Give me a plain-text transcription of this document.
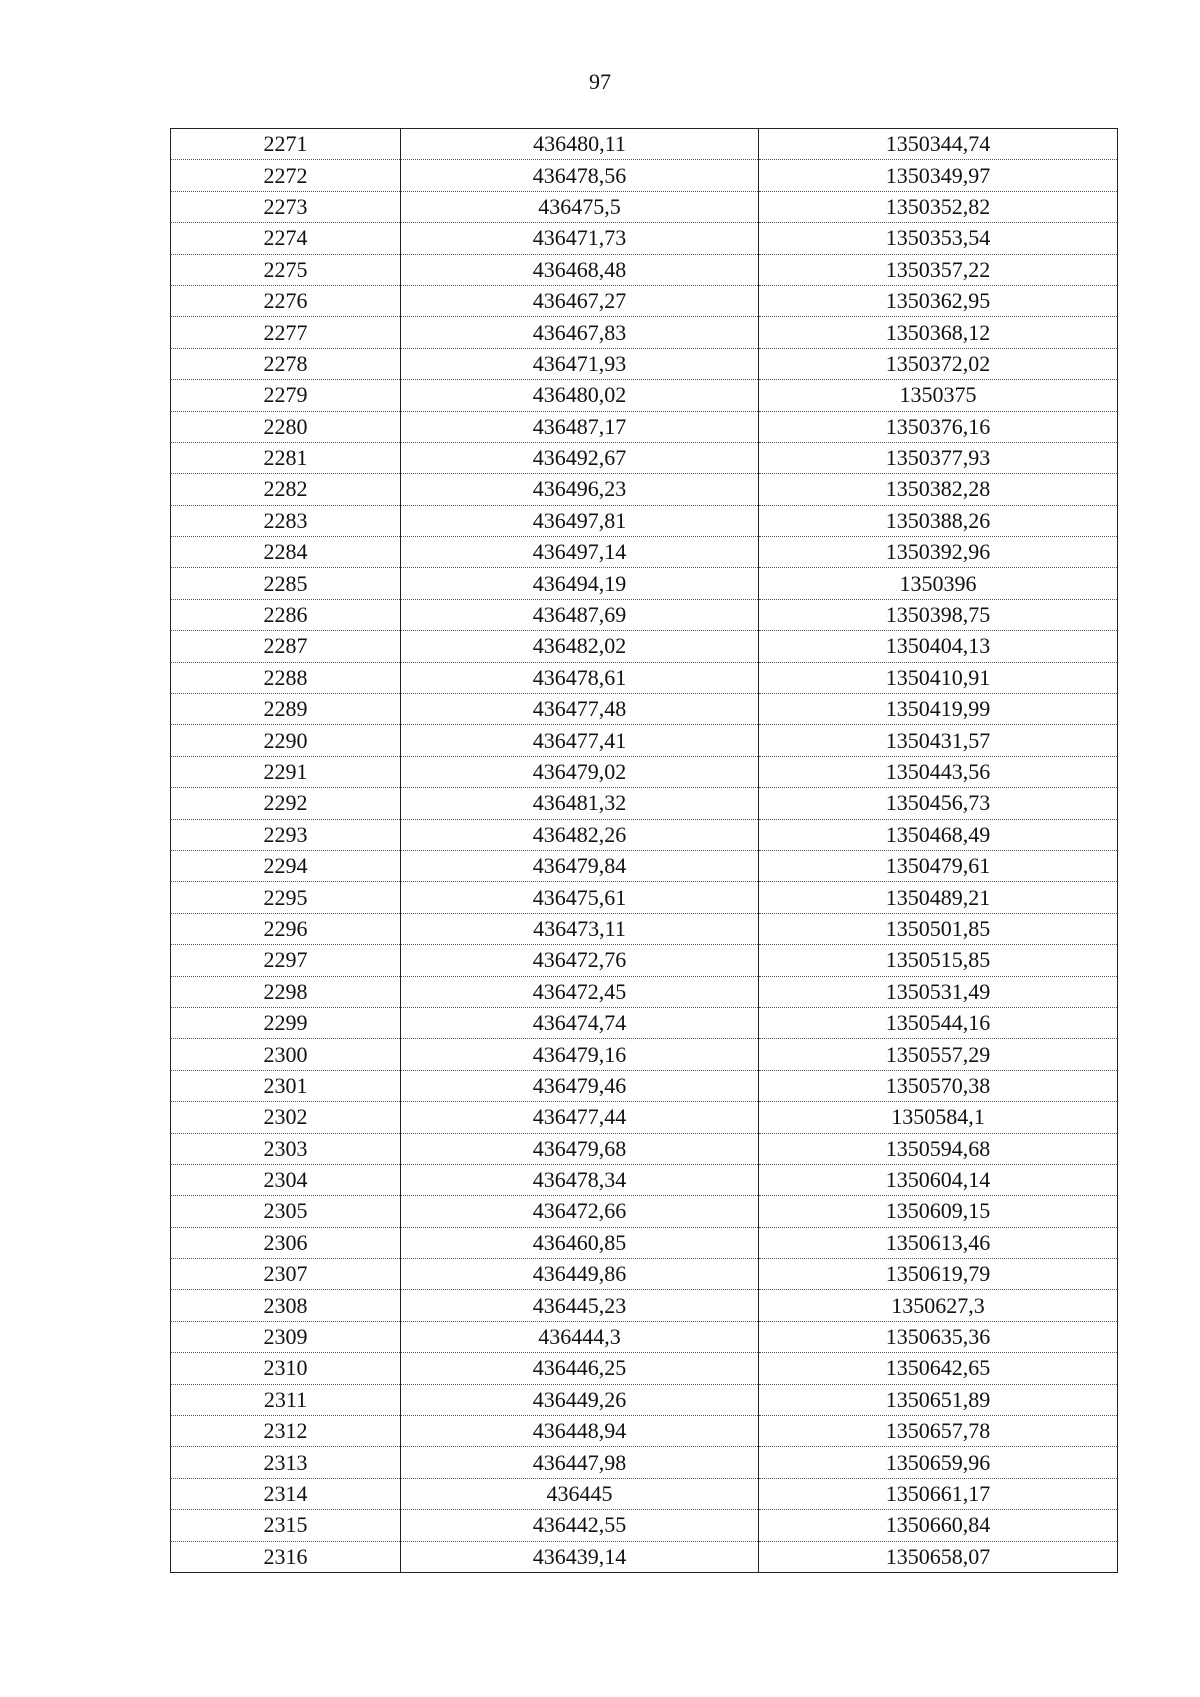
97
2271	436480,11	1350344,74
2272	436478,56	1350349,97
2273	436475,5	1350352,82
2274	436471,73	1350353,54
2275	436468,48	1350357,22
2276	436467,27	1350362,95
2277	436467,83	1350368,12
2278	436471,93	1350372,02
2279	436480,02	1350375
2280	436487,17	1350376,16
2281	436492,67	1350377,93
2282	436496,23	1350382,28
2283	436497,81	1350388,26
2284	436497,14	1350392,96
2285	436494,19	1350396
2286	436487,69	1350398,75
2287	436482,02	1350404,13
2288	436478,61	1350410,91
2289	436477,48	1350419,99
2290	436477,41	1350431,57
2291	436479,02	1350443,56
2292	436481,32	1350456,73
2293	436482,26	1350468,49
2294	436479,84	1350479,61
2295	436475,61	1350489,21
2296	436473,11	1350501,85
2297	436472,76	1350515,85
2298	436472,45	1350531,49
2299	436474,74	1350544,16
2300	436479,16	1350557,29
2301	436479,46	1350570,38
2302	436477,44	1350584,1
2303	436479,68	1350594,68
2304	436478,34	1350604,14
2305	436472,66	1350609,15
2306	436460,85	1350613,46
2307	436449,86	1350619,79
2308	436445,23	1350627,3
2309	436444,3	1350635,36
2310	436446,25	1350642,65
2311	436449,26	1350651,89
2312	436448,94	1350657,78
2313	436447,98	1350659,96
2314	436445	1350661,17
2315	436442,55	1350660,84
2316	436439,14	1350658,07
